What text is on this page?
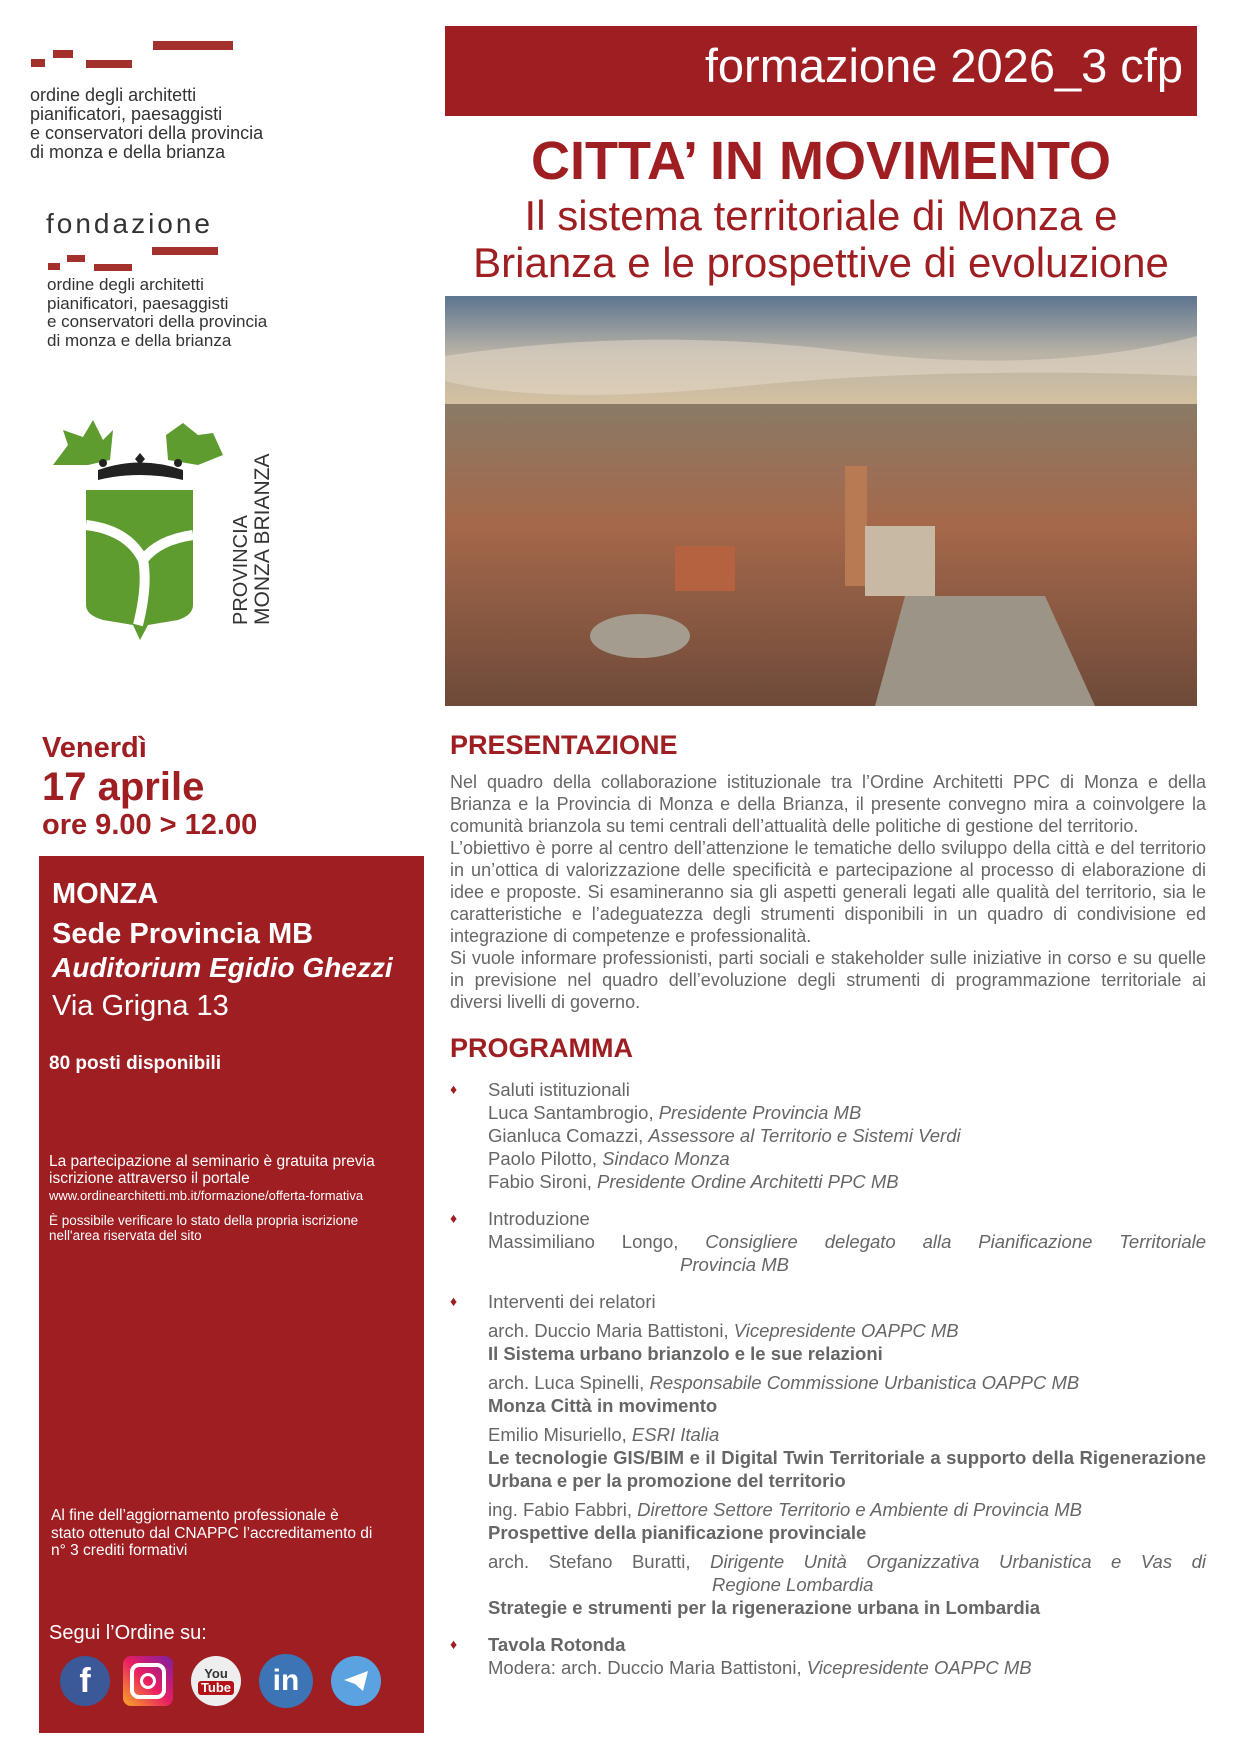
ordine degli architetti
pianificatori, paesaggisti
e conservatori della provincia
di monza e della brianza
fondazione
ordine degli architetti
pianificatori, paesaggisti
e conservatori della provincia
di monza e della brianza
PROVINCIA MONZA BRIANZA
formazione 2026_3 cfp
CITTA’ IN MOVIMENTO
Il sistema territoriale di Monza e
Brianza e le prospettive di evoluzione
Venerdì
17 aprile
ore 9.00 > 12.00
MONZA
Sede Provincia MB
Auditorium Egidio Ghezzi
Via Grigna 13
80 posti disponibili
La partecipazione al seminario è gratuita previa
iscrizione attraverso il portale
www.ordinearchitetti.mb.it/formazione/offerta-formativa
È possibile verificare lo stato della propria iscrizione
nell'area riservata del sito
Al fine dell’aggiornamento professionale è
stato ottenuto dal CNAPPC l’accreditamento di
n° 3 crediti formativi
Segui l’Ordine su:
f	You
Tube in
PRESENTAZIONE

Nel quadro della collaborazione istituzionale tra l’Ordine Architetti PPC di Monza e della Brianza e la Provincia di Monza e della Brianza, il presente convegno mira a coinvolgere la comunità brianzola su temi centrali dell’attualità delle politiche di gestione del territorio.

L’obiettivo è porre al centro dell’attenzione le tematiche dello sviluppo della città e del territorio in un’ottica di valorizzazione delle specificità e partecipazione al processo di elaborazione di idee e proposte. Si esamineranno sia gli aspetti generali legati alle qualità del territorio, sia le caratteristiche e l’adeguatezza degli strumenti disponibili in un quadro di condivisione ed integrazione di competenze e professionalità.

Si vuole informare professionisti, parti sociali e stakeholder sulle iniziative in corso e su quelle in previsione nel quadro dell’evoluzione degli strumenti di programmazione territoriale ai diversi livelli di governo.

PROGRAMMA
♦ Saluti istituzionali
Luca Santambrogio, Presidente Provincia MB
Gianluca Comazzi, Assessore al Territorio e Sistemi Verdi
Paolo Pilotto, Sindaco Monza
Fabio Sironi, Presidente Ordine Architetti PPC MB
♦ Introduzione
Massimiliano Longo, Consigliere delegato alla Pianificazione Territoriale
Provincia MB
♦ Interventi dei relatori
arch. Duccio Maria Battistoni, Vicepresidente OAPPC MB
Il Sistema urbano brianzolo e le sue relazioni
arch. Luca Spinelli, Responsabile Commissione Urbanistica OAPPC MB
Monza Città in movimento
Emilio Misuriello, ESRI Italia
Le tecnologie GIS/BIM e il Digital Twin Territoriale a supporto della Rigenerazione Urbana e per la promozione del territorio
ing. Fabio Fabbri, Direttore Settore Territorio e Ambiente di Provincia MB
Prospettive della pianificazione provinciale
arch. Stefano Buratti, Dirigente Unità Organizzativa Urbanistica e Vas di
Regione Lombardia
Strategie e strumenti per la rigenerazione urbana in Lombardia
♦ Tavola Rotonda
Modera: arch. Duccio Maria Battistoni, Vicepresidente OAPPC MB
